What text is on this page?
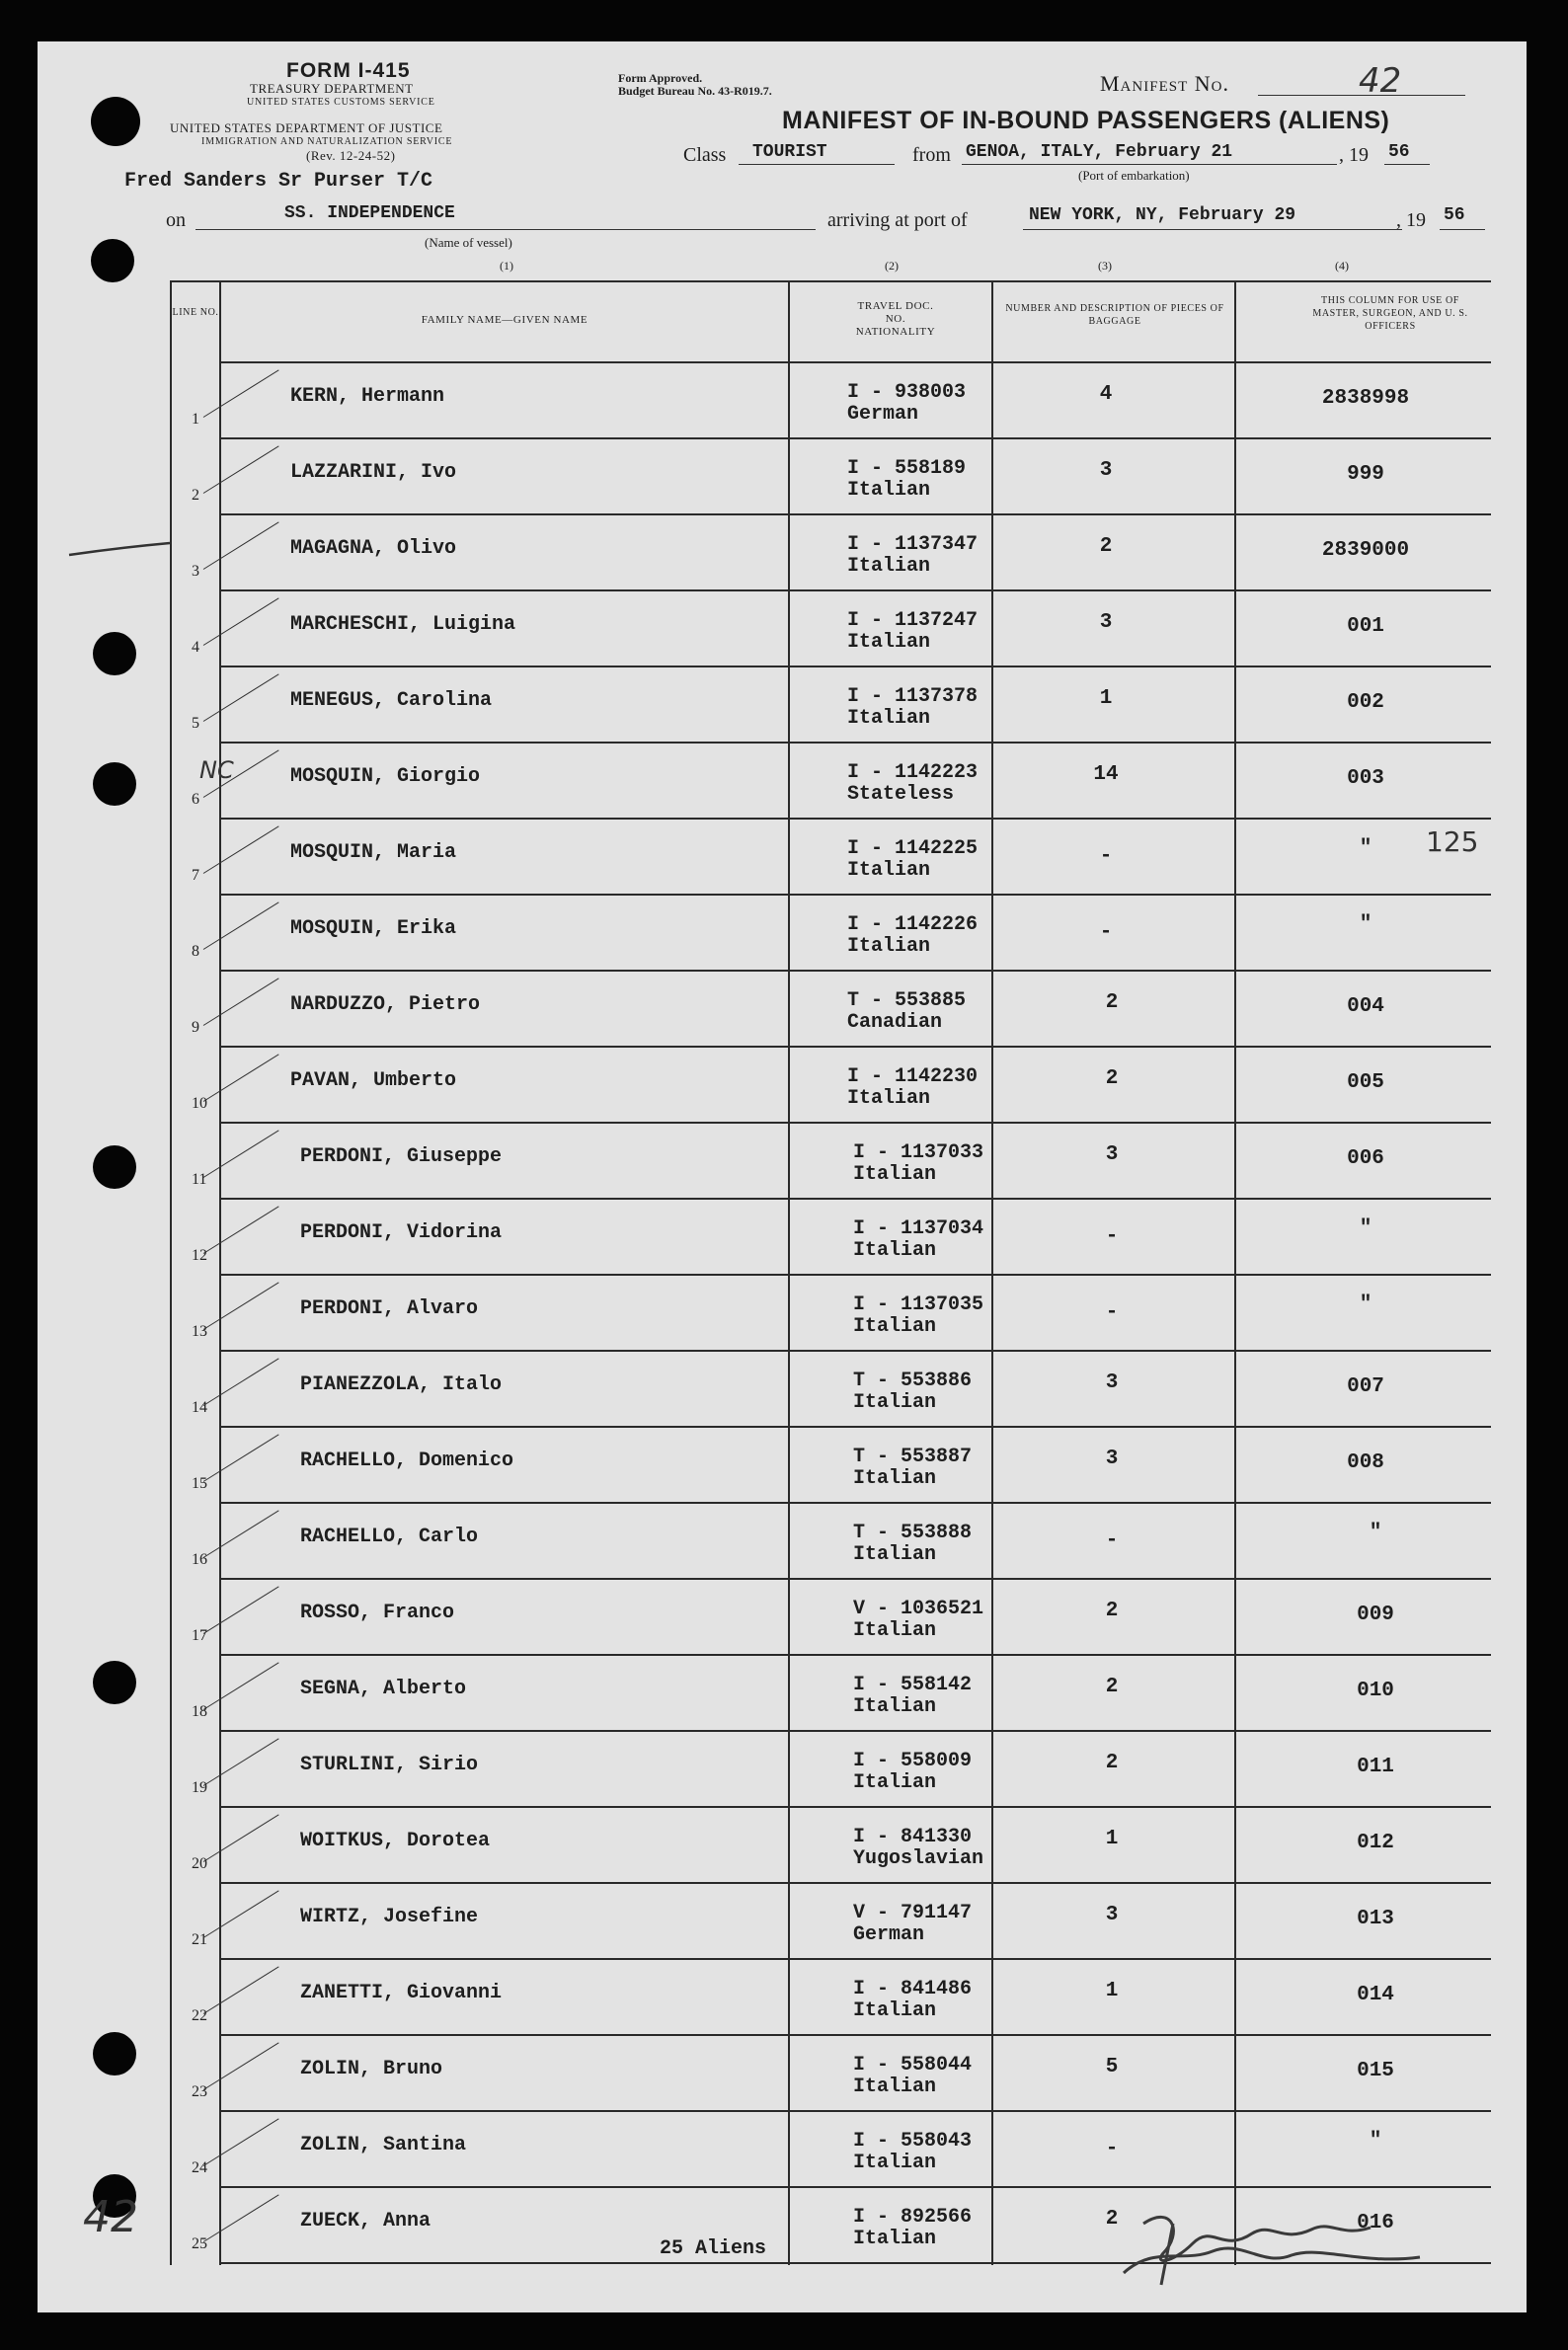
FORM I-415
TREASURY DEPARTMENT
UNITED STATES CUSTOMS SERVICE
UNITED STATES DEPARTMENT OF JUSTICE
IMMIGRATION AND NATURALIZATION SERVICE
(Rev. 12-24-52)
Form Approved.
Budget Bureau No. 43-R019.7.	Manifest No.	42
MANIFEST OF IN-BOUND PASSENGERS (ALIENS)
Class TOURIST	from GENOA, ITALY, February 21	, 19 56
(Port of embarkation)
Fred Sanders Sr Purser T/C
on	SS. INDEPENDENCE
(Name of vessel)
arriving at port of	NEW YORK, NY, February 29	, 19 56
(1)	(2)	(3)	(4)
LINE NO.
FAMILY NAME—GIVEN NAME
TRAVEL DOC. NO. NATIONALITY
NUMBER AND DESCRIPTION OF PIECES OF BAGGAGE
THIS COLUMN FOR USE OF MASTER, SURGEON, AND U. S. OFFICERS
1
KERN, Hermann	I - 938003
German
4	2838998
2
LAZZARINI, Ivo	I - 558189
Italian
3	999
3
MAGAGNA, Olivo	I - 1137347
Italian
2	2839000
4
MARCHESCHI, Luigina	I - 1137247
Italian
3	001
5
MENEGUS, Carolina	I - 1137378
Italian
1	002
6
MOSQUIN, Giorgio	I - 1142223
Stateless
14	003
7
MOSQUIN, Maria	I - 1142225
Italian
-	"
8
MOSQUIN, Erika	I - 1142226
Italian
-	"
9
NARDUZZO, Pietro	T - 553885
Canadian
2	004
10
PAVAN, Umberto	I - 1142230
Italian
2	005
11
PERDONI, Giuseppe	I - 1137033
Italian
3	006
12
PERDONI, Vidorina	I - 1137034
Italian
-	"
13
PERDONI, Alvaro	I - 1137035
Italian
-	"
14
PIANEZZOLA, Italo	T - 553886
Italian
3	007
15
RACHELLO, Domenico	T - 553887
Italian
3	008
16
RACHELLO, Carlo	T - 553888
Italian
-	"
17
ROSSO, Franco	V - 1036521
Italian
2	009
18
SEGNA, Alberto	I - 558142
Italian
2	010
19
STURLINI, Sirio	I - 558009
Italian
2	011
20
WOITKUS, Dorotea	I - 841330
Yugoslavian
1	012
21
WIRTZ, Josefine	V - 791147
German
3	013
22
ZANETTI, Giovanni	I - 841486
Italian
1	014
23
ZOLIN, Bruno	I - 558044
Italian
5	015
24
ZOLIN, Santina	I - 558043
Italian
-	"
25
ZUECK, Anna	I - 892566
Italian
2	016
125
NC
42
25 Aliens
